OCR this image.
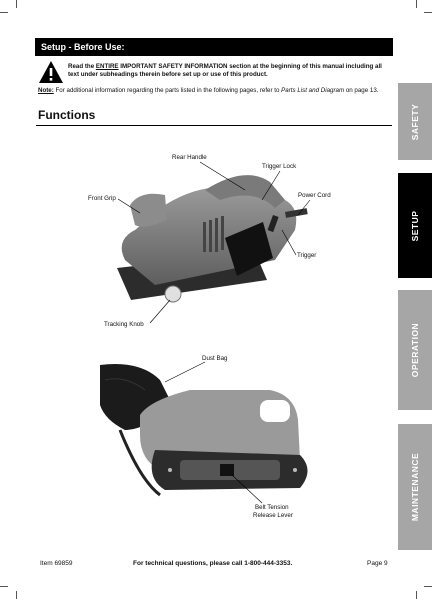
Setup - Before Use:
Read the ENTIRE IMPORTANT SAFETY INFORMATION section at the beginning of this manual including all text under subheadings therein before set up or use of this product.
Note: For additional information regarding the parts listed in the following pages, refer to Parts List and Diagram on page 13.
Functions
Rear Handle
Trigger Lock
Power Cord
Front Grip
Trigger
Tracking Knob
Dust Bag
Belt Tension
Release Lever
SAFETY
SETUP
OPERATION
MAINTENANCE
Item 69859	For technical questions, please call 1-800-444-3353.	Page 9
